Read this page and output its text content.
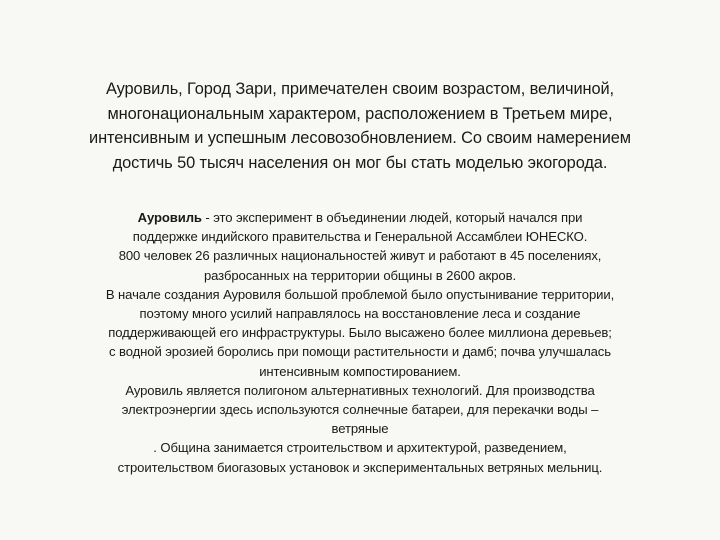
Ауровиль, Город Зари, примечателен своим возрастом, величиной,
многонациональным характером, расположением в Третьем мире,
интенсивным и успешным лесовозобновлением. Со своим намерением
достичь 50 тысяч населения он мог бы стать моделью экогорода.
Ауровиль - это эксперимент в объединении людей, который начался при
поддержке индийского правительства и Генеральной Ассамблеи ЮНЕСКО.
800 человек 26 различных национальностей живут и работают в 45 поселениях,
разбросанных на территории общины в 2600 акров.
В начале создания Ауровиля большой проблемой было опустынивание территории,
поэтому много усилий направлялось на восстановление леса и создание
поддерживающей его инфраструктуры. Было высажено более миллиона деревьев;
с водной эрозией боролись при помощи растительности и дамб; почва улучшалась
интенсивным компостированием.
Ауровиль является полигоном альтернативных технологий. Для производства
электроэнергии здесь используются солнечные батареи, для перекачки воды –
ветряные
. Община занимается строительством и архитектурой, разведением,
строительством биогазовых установок и экспериментальных ветряных мельниц.
